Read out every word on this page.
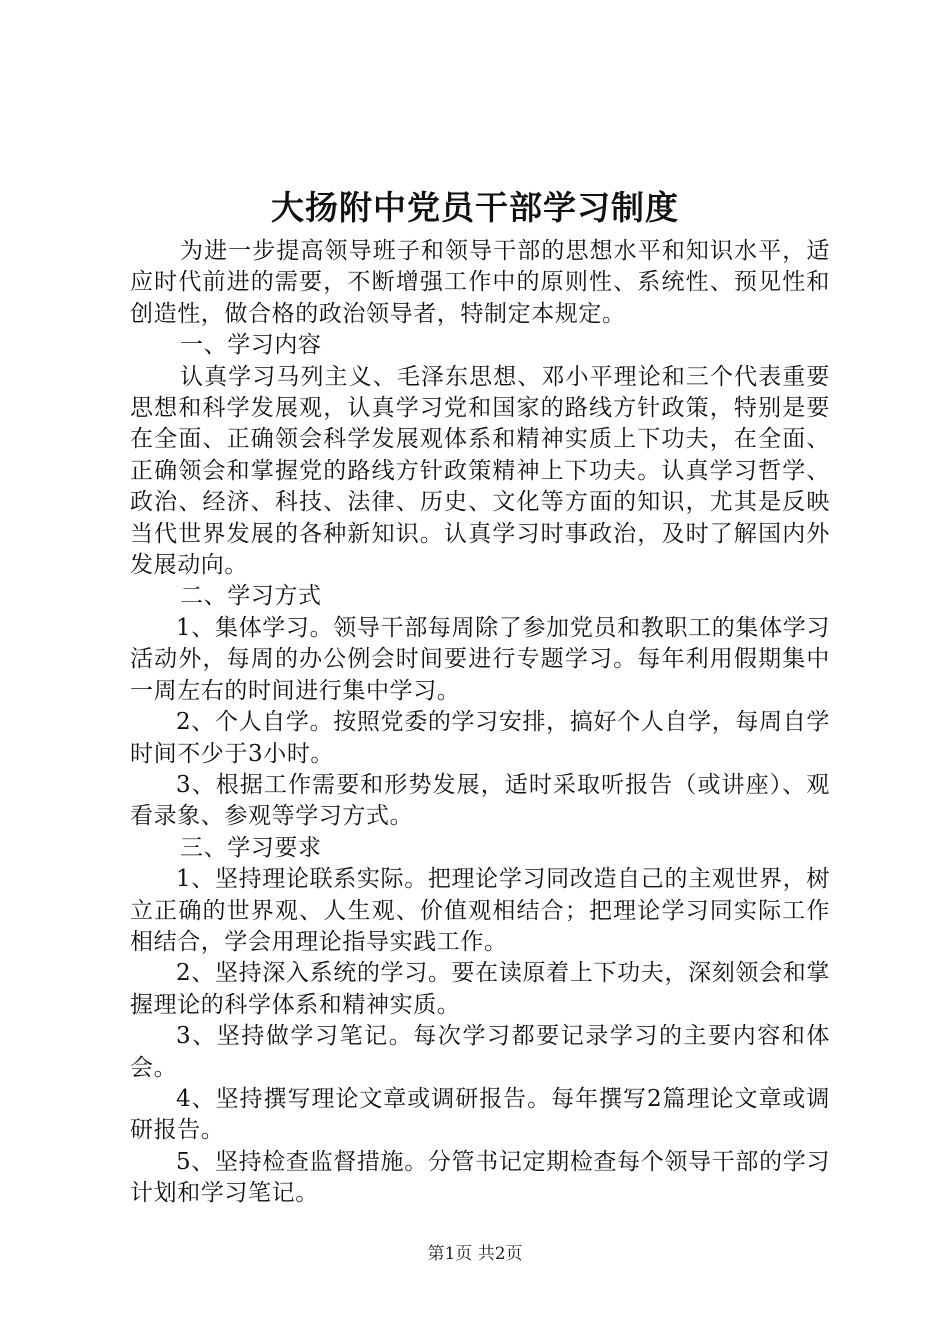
大扬附中党员干部学习制度

为进一步提高领导班子和领导干部的思想水平和知识水平，适应时代前进的需要，不断增强工作中的原则性、系统性、预见性和创造性，做合格的政治领导者，特制定本规定。

一、学习内容

认真学习马列主义、毛泽东思想、邓小平理论和三个代表重要思想和科学发展观，认真学习党和国家的路线方针政策，特别是要在全面、正确领会科学发展观体系和精神实质上下功夫，在全面、正确领会和掌握党的路线方针政策精神上下功夫。认真学习哲学、政治、经济、科技、法律、历史、文化等方面的知识，尤其是反映当代世界发展的各种新知识。认真学习时事政治，及时了解国内外发展动向。

二、学习方式

1、集体学习。领导干部每周除了参加党员和教职工的集体学习活动外，每周的办公例会时间要进行专题学习。每年利用假期集中一周左右的时间进行集中学习。

2、个人自学。按照党委的学习安排，搞好个人自学，每周自学时间不少于3小时。

3、根据工作需要和形势发展，适时采取听报告（或讲座）、观看录象、参观等学习方式。

三、学习要求

1、坚持理论联系实际。把理论学习同改造自己的主观世界，树立正确的世界观、人生观、价值观相结合；把理论学习同实际工作相结合，学会用理论指导实践工作。

2、坚持深入系统的学习。要在读原着上下功夫，深刻领会和掌握理论的科学体系和精神实质。

3、坚持做学习笔记。每次学习都要记录学习的主要内容和体会。

4、坚持撰写理论文章或调研报告。每年撰写2篇理论文章或调研报告。

5、坚持检查监督措施。分管书记定期检查每个领导干部的学习计划和学习笔记。

第1页 共2页
